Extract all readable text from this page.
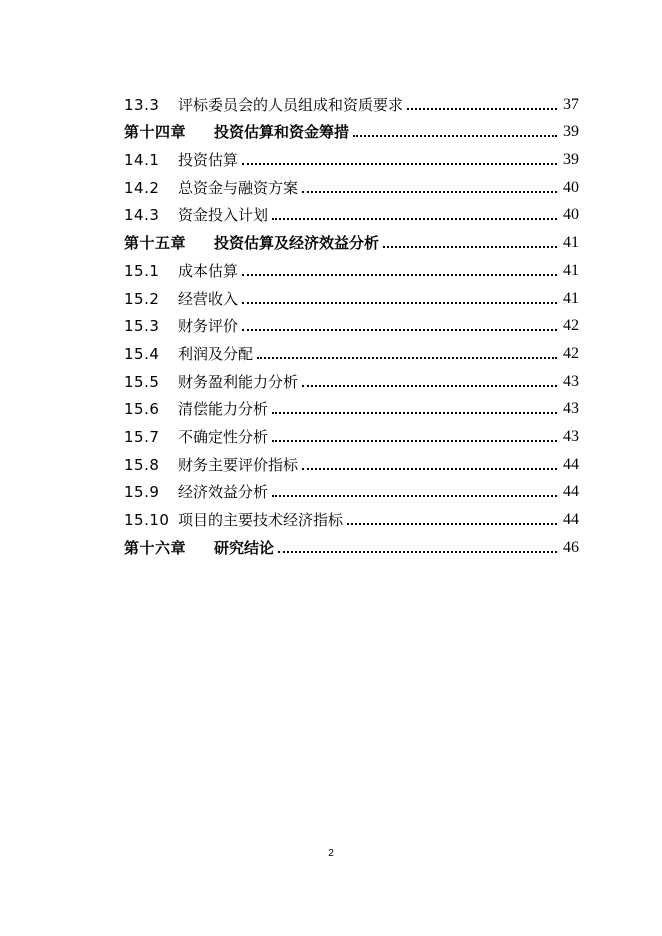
13.3	评标委员会的人员组成和资质要求	37
第十四章	投资估算和资金筹措	39
14.1	投资估算	39
14.2	总资金与融资方案	40
14.3	资金投入计划	40
第十五章	投资估算及经济效益分析	41
15.1	成本估算	41
15.2	经营收入	41
15.3	财务评价	42
15.4	利润及分配	42
15.5	财务盈利能力分析	43
15.6	清偿能力分析	43
15.7	不确定性分析	43
15.8	财务主要评价指标	44
15.9	经济效益分析	44
15.10 项目的主要技术经济指标	44
第十六章	研究结论	46
2
